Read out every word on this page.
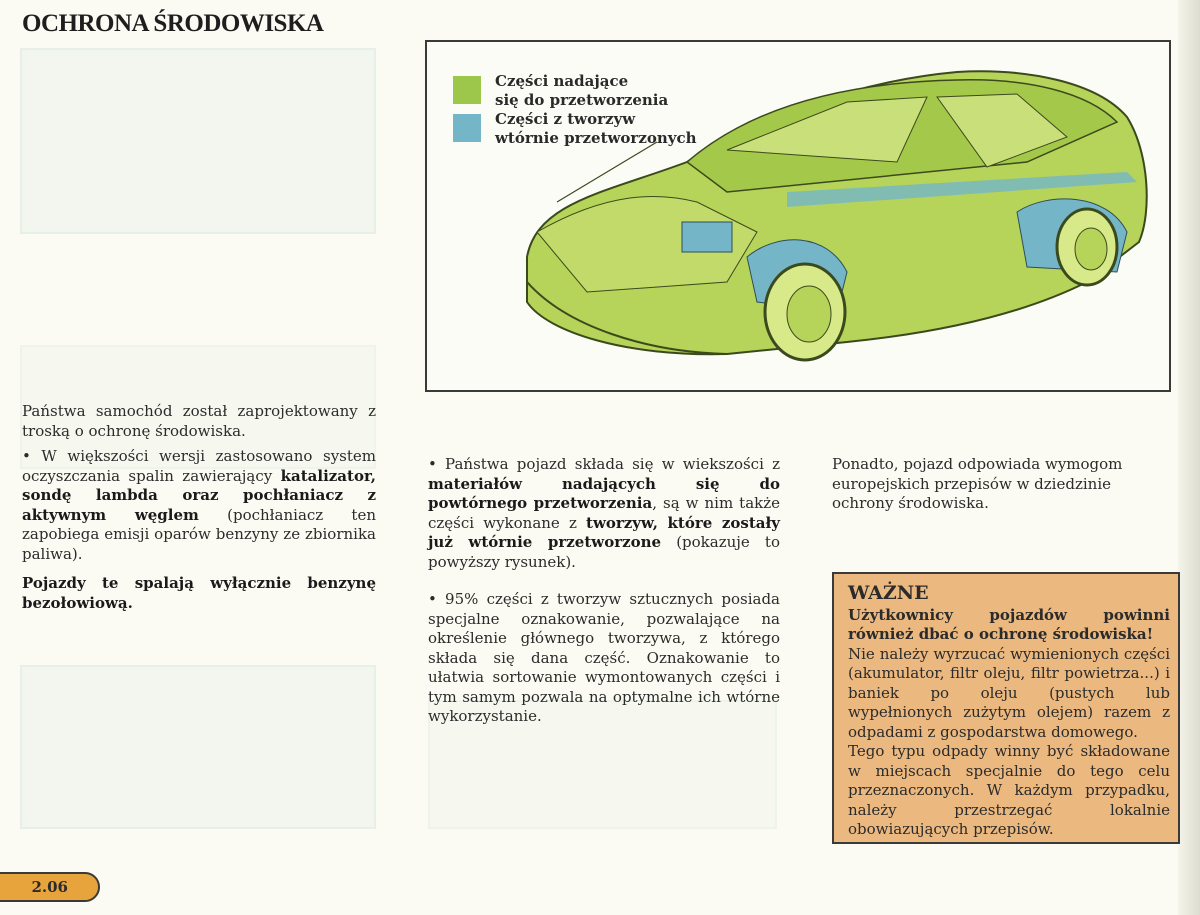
OCHRONA ŚRODOWISKA
Części nadające
się do przetworzenia
Części z tworzyw
wtórnie przetworzonych

Państwa samochód został zaprojektowany z troską o ochronę środowiska.

• W większości wersji zastosowano system oczyszczania spalin zawierający katalizator, sondę lambda oraz pochłaniacz z aktywnym węglem (pochłaniacz ten zapobiega emisji oparów benzyny ze zbiornika paliwa).

Pojazdy te spalają wyłącznie benzynę bezołowiową.

• Państwa pojazd składa się w wiekszości z materiałów nadających się do powtórnego przetworzenia, są w nim także części wykonane z tworzyw, które zostały już wtórnie przetworzone (pokazuje to powyższy rysunek).

• 95% części z tworzyw sztucznych posiada specjalne oznakowanie, pozwalające na określenie głównego tworzywa, z którego składa się dana część. Oznakowanie to ułatwia sortowanie wymontowanych części i tym samym pozwala na optymalne ich wtórne wykorzystanie.

Ponadto, pojazd odpowiada wymogom europejskich przepisów w dziedzinie ochrony środowiska.

WAŻNE
Użytkownicy pojazdów powinni również dbać o ochronę środowiska!
Nie należy wyrzucać wymienionych części (akumulator, filtr oleju, filtr powietrza...) i baniek po oleju (pustych lub wypełnionych zużytym olejem) razem z odpadami z gospodarstwa domowego.
Tego typu odpady winny być składowane w miejscach specjalnie do tego celu przeznaczonych. W każdym przypadku, należy przestrzegać lokalnie obowiazujących przepisów.
2.06
